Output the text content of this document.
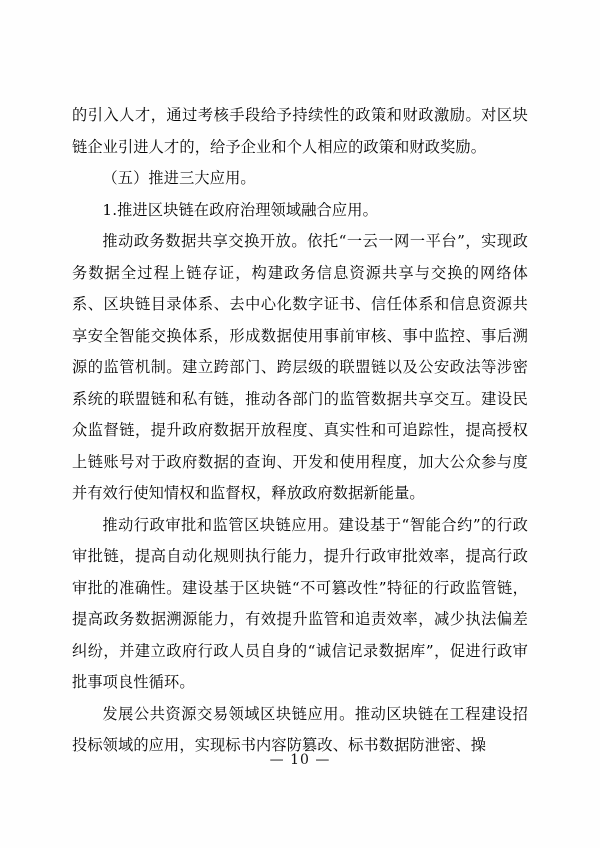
的引入人才，通过考核手段给予持续性的政策和财政激励。对区块链企业引进人才的，给予企业和个人相应的政策和财政奖励。

（五）推进三大应用。

1.推进区块链在政府治理领域融合应用。

推动政务数据共享交换开放。依托“一云一网一平台”，实现政务数据全过程上链存证，构建政务信息资源共享与交换的网络体系、区块链目录体系、去中心化数字证书、信任体系和信息资源共享安全智能交换体系，形成数据使用事前审核、事中监控、事后溯源的监管机制。建立跨部门、跨层级的联盟链以及公安政法等涉密系统的联盟链和私有链，推动各部门的监管数据共享交互。建设民众监督链，提升政府数据开放程度、真实性和可追踪性，提高授权上链账号对于政府数据的查询、开发和使用程度，加大公众参与度并有效行使知情权和监督权，释放政府数据新能量。

推动行政审批和监管区块链应用。建设基于“智能合约”的行政审批链，提高自动化规则执行能力，提升行政审批效率，提高行政审批的准确性。建设基于区块链“不可篡改性”特征的行政监管链，提高政务数据溯源能力，有效提升监管和追责效率，减少执法偏差纠纷，并建立政府行政人员自身的“诚信记录数据库”，促进行政审批事项良性循环。

发展公共资源交易领域区块链应用。推动区块链在工程建设招投标领域的应用，实现标书内容防篡改、标书数据防泄密、操

— 10 —
